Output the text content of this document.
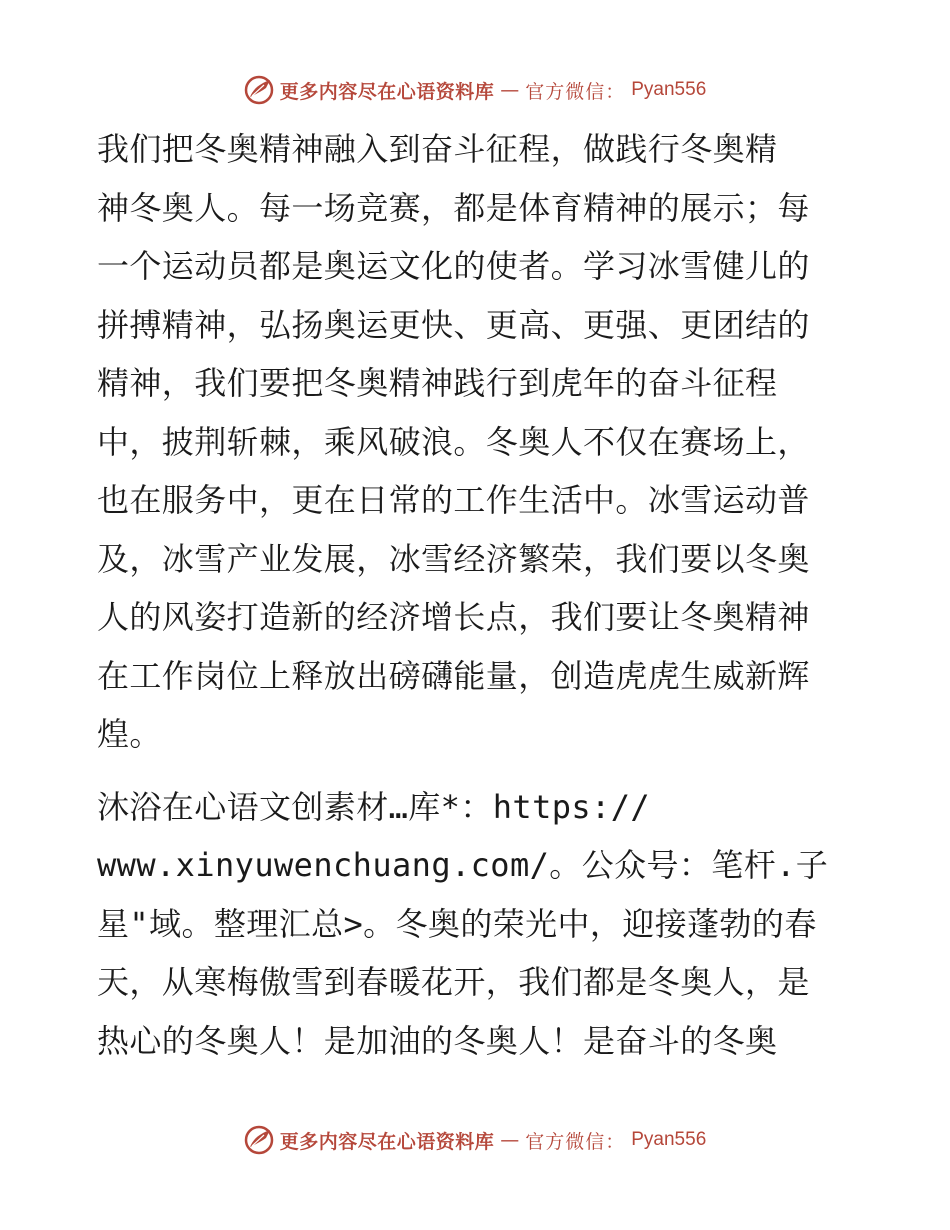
更多内容尽在心语资料库 — 官方微信： Pyan556
我们把冬奥精神融入到奋斗征程，做践行冬奥精
神冬奥人。每一场竞赛，都是体育精神的展示；每
一个运动员都是奥运文化的使者。学习冰雪健儿的
拼搏精神，弘扬奥运更快、更高、更强、更团结的
精神，我们要把冬奥精神践行到虎年的奋斗征程
中，披荆斩棘，乘风破浪。冬奥人不仅在赛场上，
也在服务中，更在日常的工作生活中。冰雪运动普
及，冰雪产业发展，冰雪经济繁荣，我们要以冬奥
人的风姿打造新的经济增长点，我们要让冬奥精神
在工作岗位上释放出磅礴能量，创造虎虎生威新辉
煌。
沐浴在心语文创素材…库*：https://
www.xinyuwenchuang.com/。公众号：笔杆.子
星"域。整理汇总>。冬奥的荣光中，迎接蓬勃的春
天，从寒梅傲雪到春暖花开，我们都是冬奥人，是
热心的冬奥人！是加油的冬奥人！是奋斗的冬奥
更多内容尽在心语资料库 — 官方微信： Pyan556
